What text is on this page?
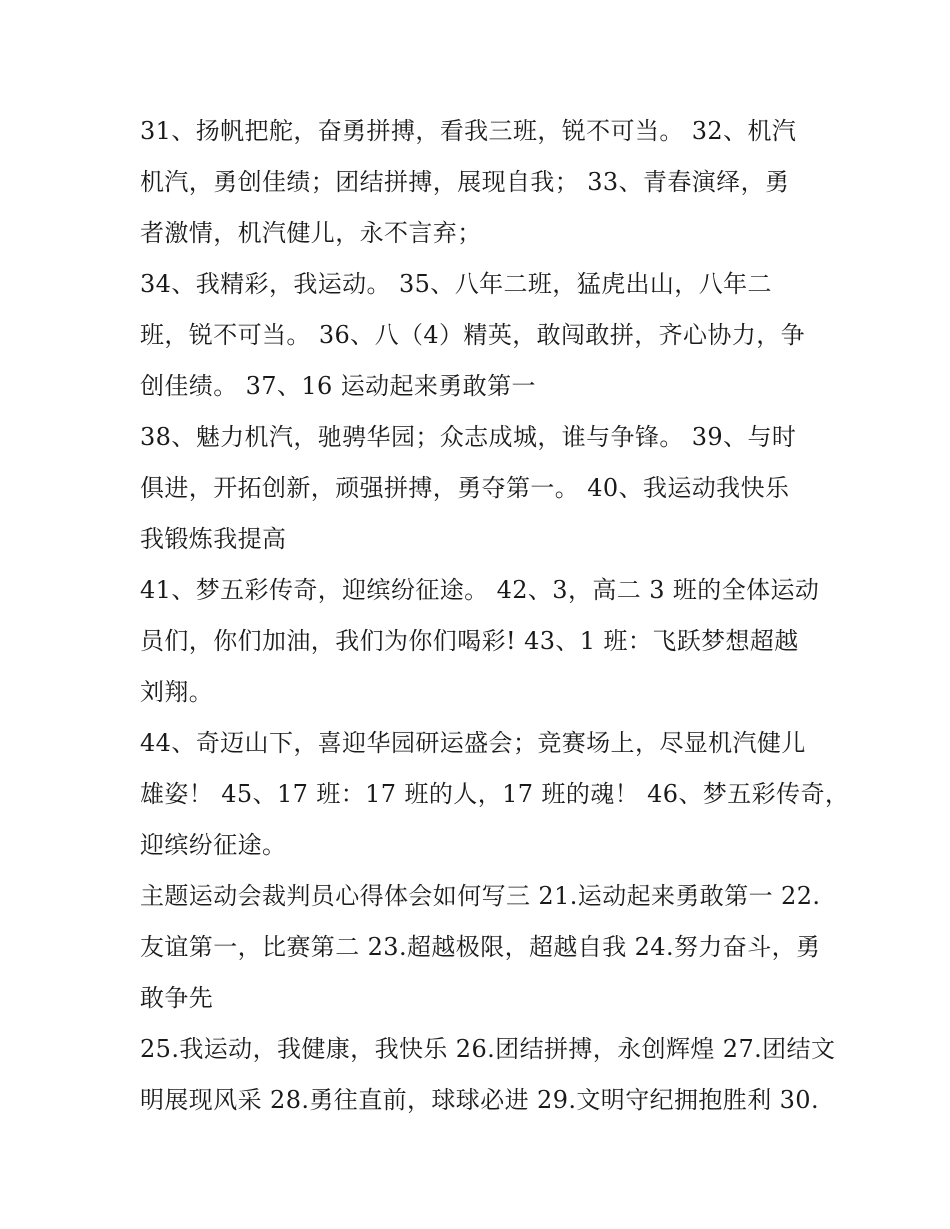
31、扬帆把舵，奋勇拼搏，看我三班，锐不可当。 32、机汽
机汽，勇创佳绩；团结拼搏，展现自我； 33、青春演绎，勇
者激情，机汽健儿，永不言弃；
34、我精彩，我运动。 35、八年二班，猛虎出山，八年二
班，锐不可当。 36、八（4）精英，敢闯敢拼，齐心协力，争
创佳绩。 37、16 运动起来勇敢第一
38、魅力机汽，驰骋华园；众志成城，谁与争锋。 39、与时
俱进，开拓创新，顽强拼搏，勇夺第一。 40、我运动我快乐
我锻炼我提高
41、梦五彩传奇，迎缤纷征途。 42、3，高二 3 班的全体运动
员们，你们加油，我们为你们喝彩! 43、1 班：飞跃梦想超越
刘翔。
44、奇迈山下，喜迎华园研运盛会；竞赛场上，尽显机汽健儿
雄姿！ 45、17 班：17 班的人，17 班的魂！ 46、梦五彩传奇，
迎缤纷征途。
主题运动会裁判员心得体会如何写三 21.运动起来勇敢第一 22.
友谊第一，比赛第二 23.超越极限，超越自我 24.努力奋斗，勇
敢争先
25.我运动，我健康，我快乐 26.团结拼搏，永创辉煌 27.团结文
明展现风采 28.勇往直前，球球必进 29.文明守纪拥抱胜利 30.
